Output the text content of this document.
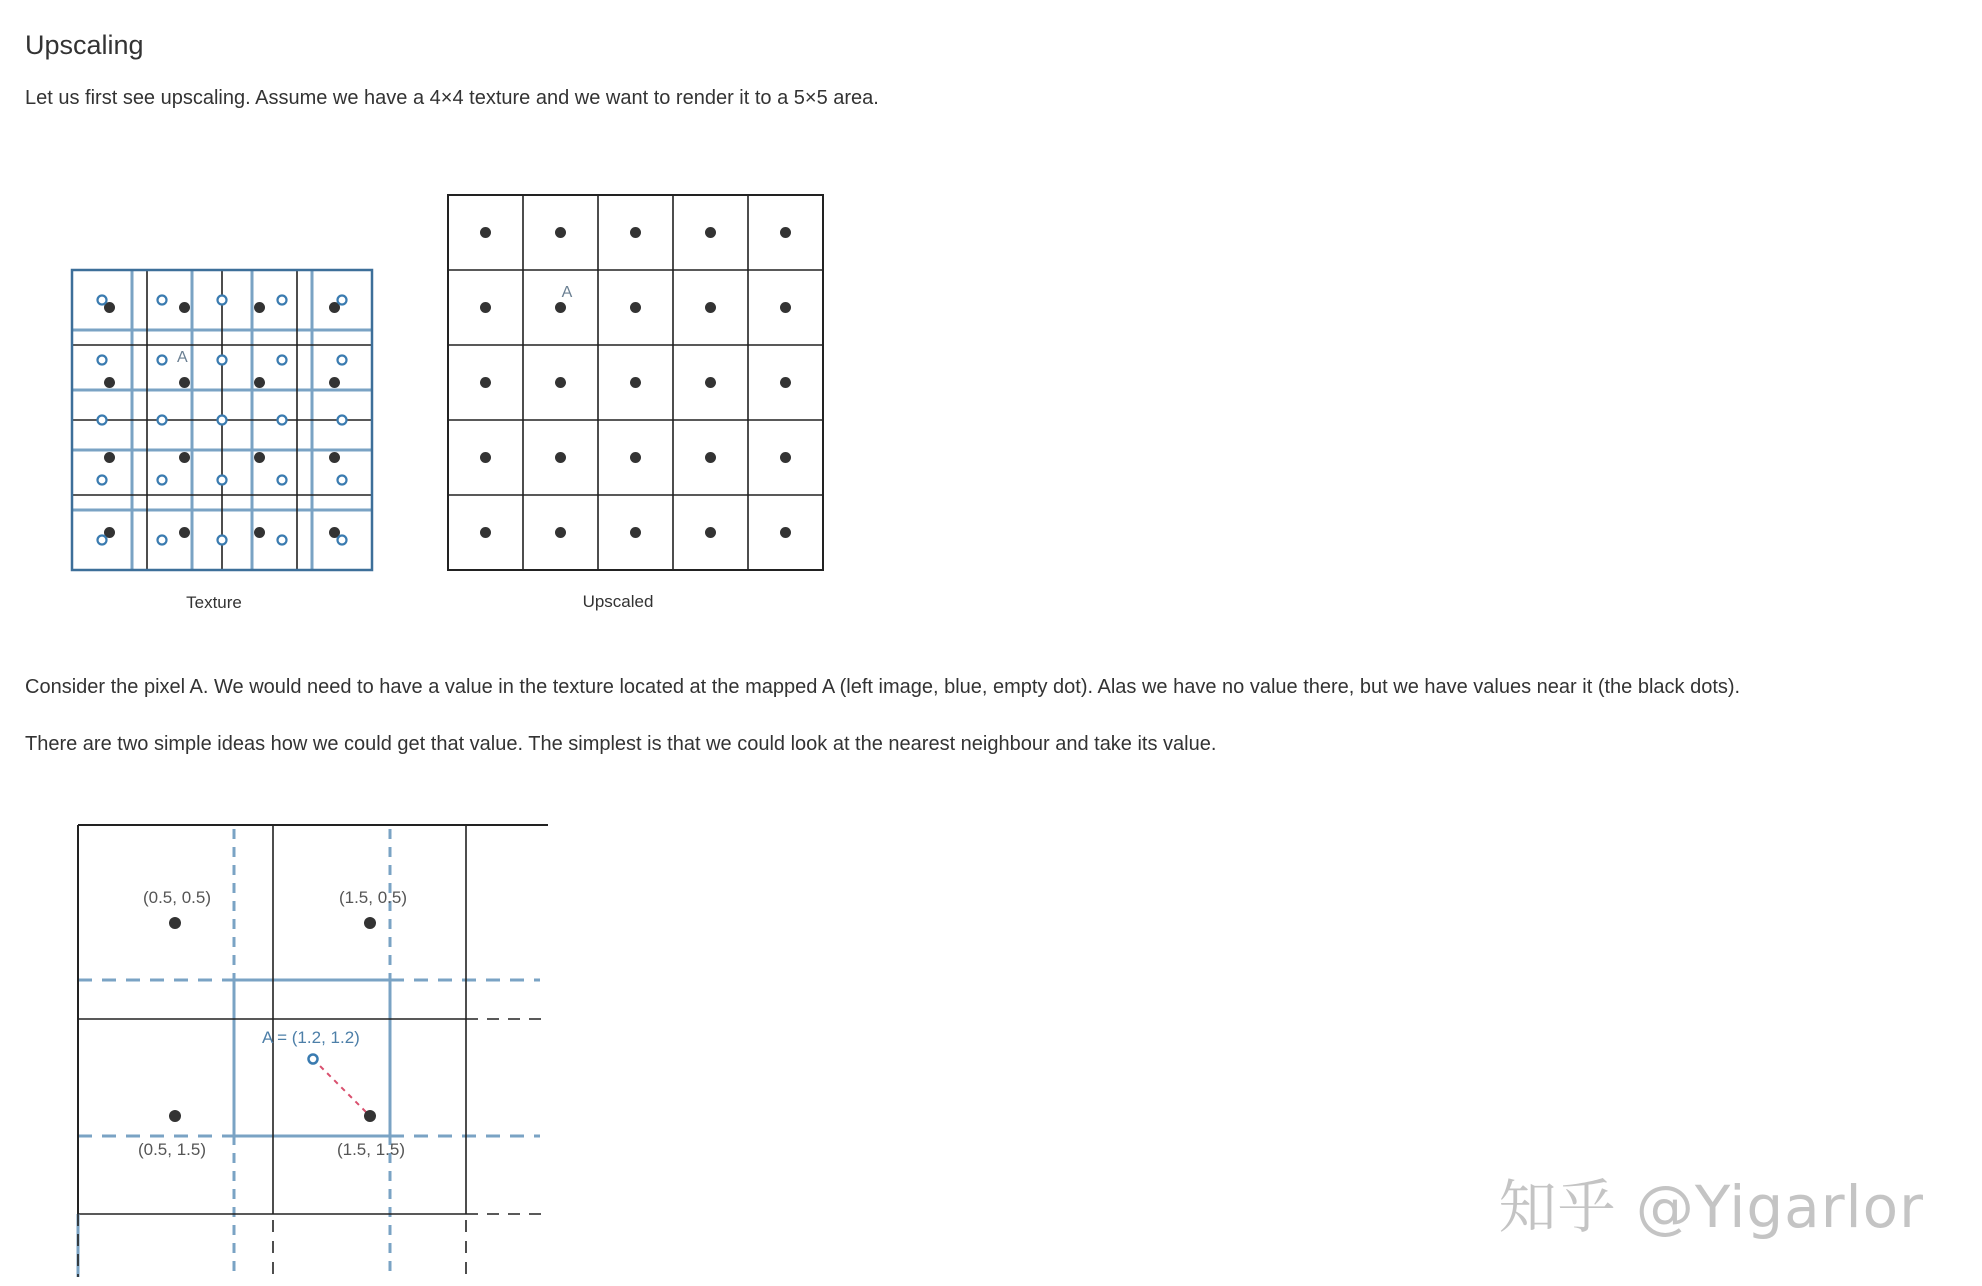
Upscaling

Let us first see upscaling. Assume we have a 4×4 texture and we want to render it to a 5×5 area.

Consider the pixel A. We would need to have a value in the texture located at the mapped A (left image, blue, empty dot). Alas we have no value there, but we have values near it (the black dots).

There are two simple ideas how we could get that value. The simplest is that we could look at the nearest neighbour and take its value.

Texture
A
Upscaled
A
(0.5, 0.5)	(1.5, 0.5)
(0.5, 1.5)	(1.5, 1.5)
A = (1.2, 1.2)
知乎 @Yigarlor
